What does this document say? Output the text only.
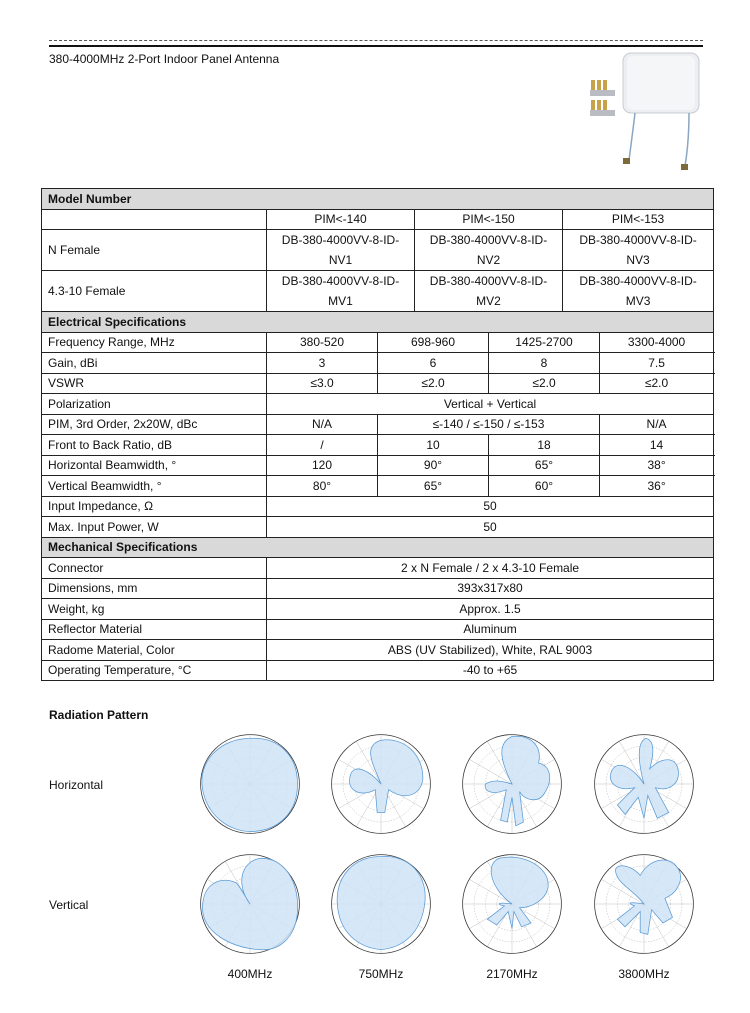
380-4000MHz 2-Port Indoor Panel Antenna
Model Number						
	PIM<-140		PIM<-150		PIM<-153	
N Female	DB-380-4000VV-8-ID-NV1		DB-380-4000VV-8-ID-NV2		DB-380-4000VV-8-ID-NV3	
4.3-10 Female	DB-380-4000VV-8-ID-MV1		DB-380-4000VV-8-ID-MV2		DB-380-4000VV-8-ID-MV3	
Electrical Specifications						
Frequency Range, MHz	380-520	698-960		1425-2700		3300-4000
Gain, dBi	3	6		8		7.5
VSWR	≤3.0	≤2.0		≤2.0		≤2.0
Polarization	Vertical + Vertical					
PIM, 3rd Order, 2x20W, dBc	N/A	≤-140 / ≤-150 / ≤-153				N/A
Front to Back Ratio, dB	/	10		18		14
Horizontal Beamwidth, °	120	90°		65°		38°
Vertical Beamwidth, °	80°	65°		60°		36°
Input Impedance, Ω	50					
Max. Input Power, W	50					
Mechanical Specifications						
Connector	2 x N Female / 2 x 4.3-10 Female					
Dimensions, mm	393x317x80					
Weight, kg	Approx. 1.5					
Reflector Material	Aluminum					
Radome Material, Color	ABS (UV Stabilized), White, RAL 9003					
Operating Temperature, °C	-40 to +65					
Radiation Pattern
Horizontal
Vertical
400MHz	750MHz	2170MHz	3800MHz
